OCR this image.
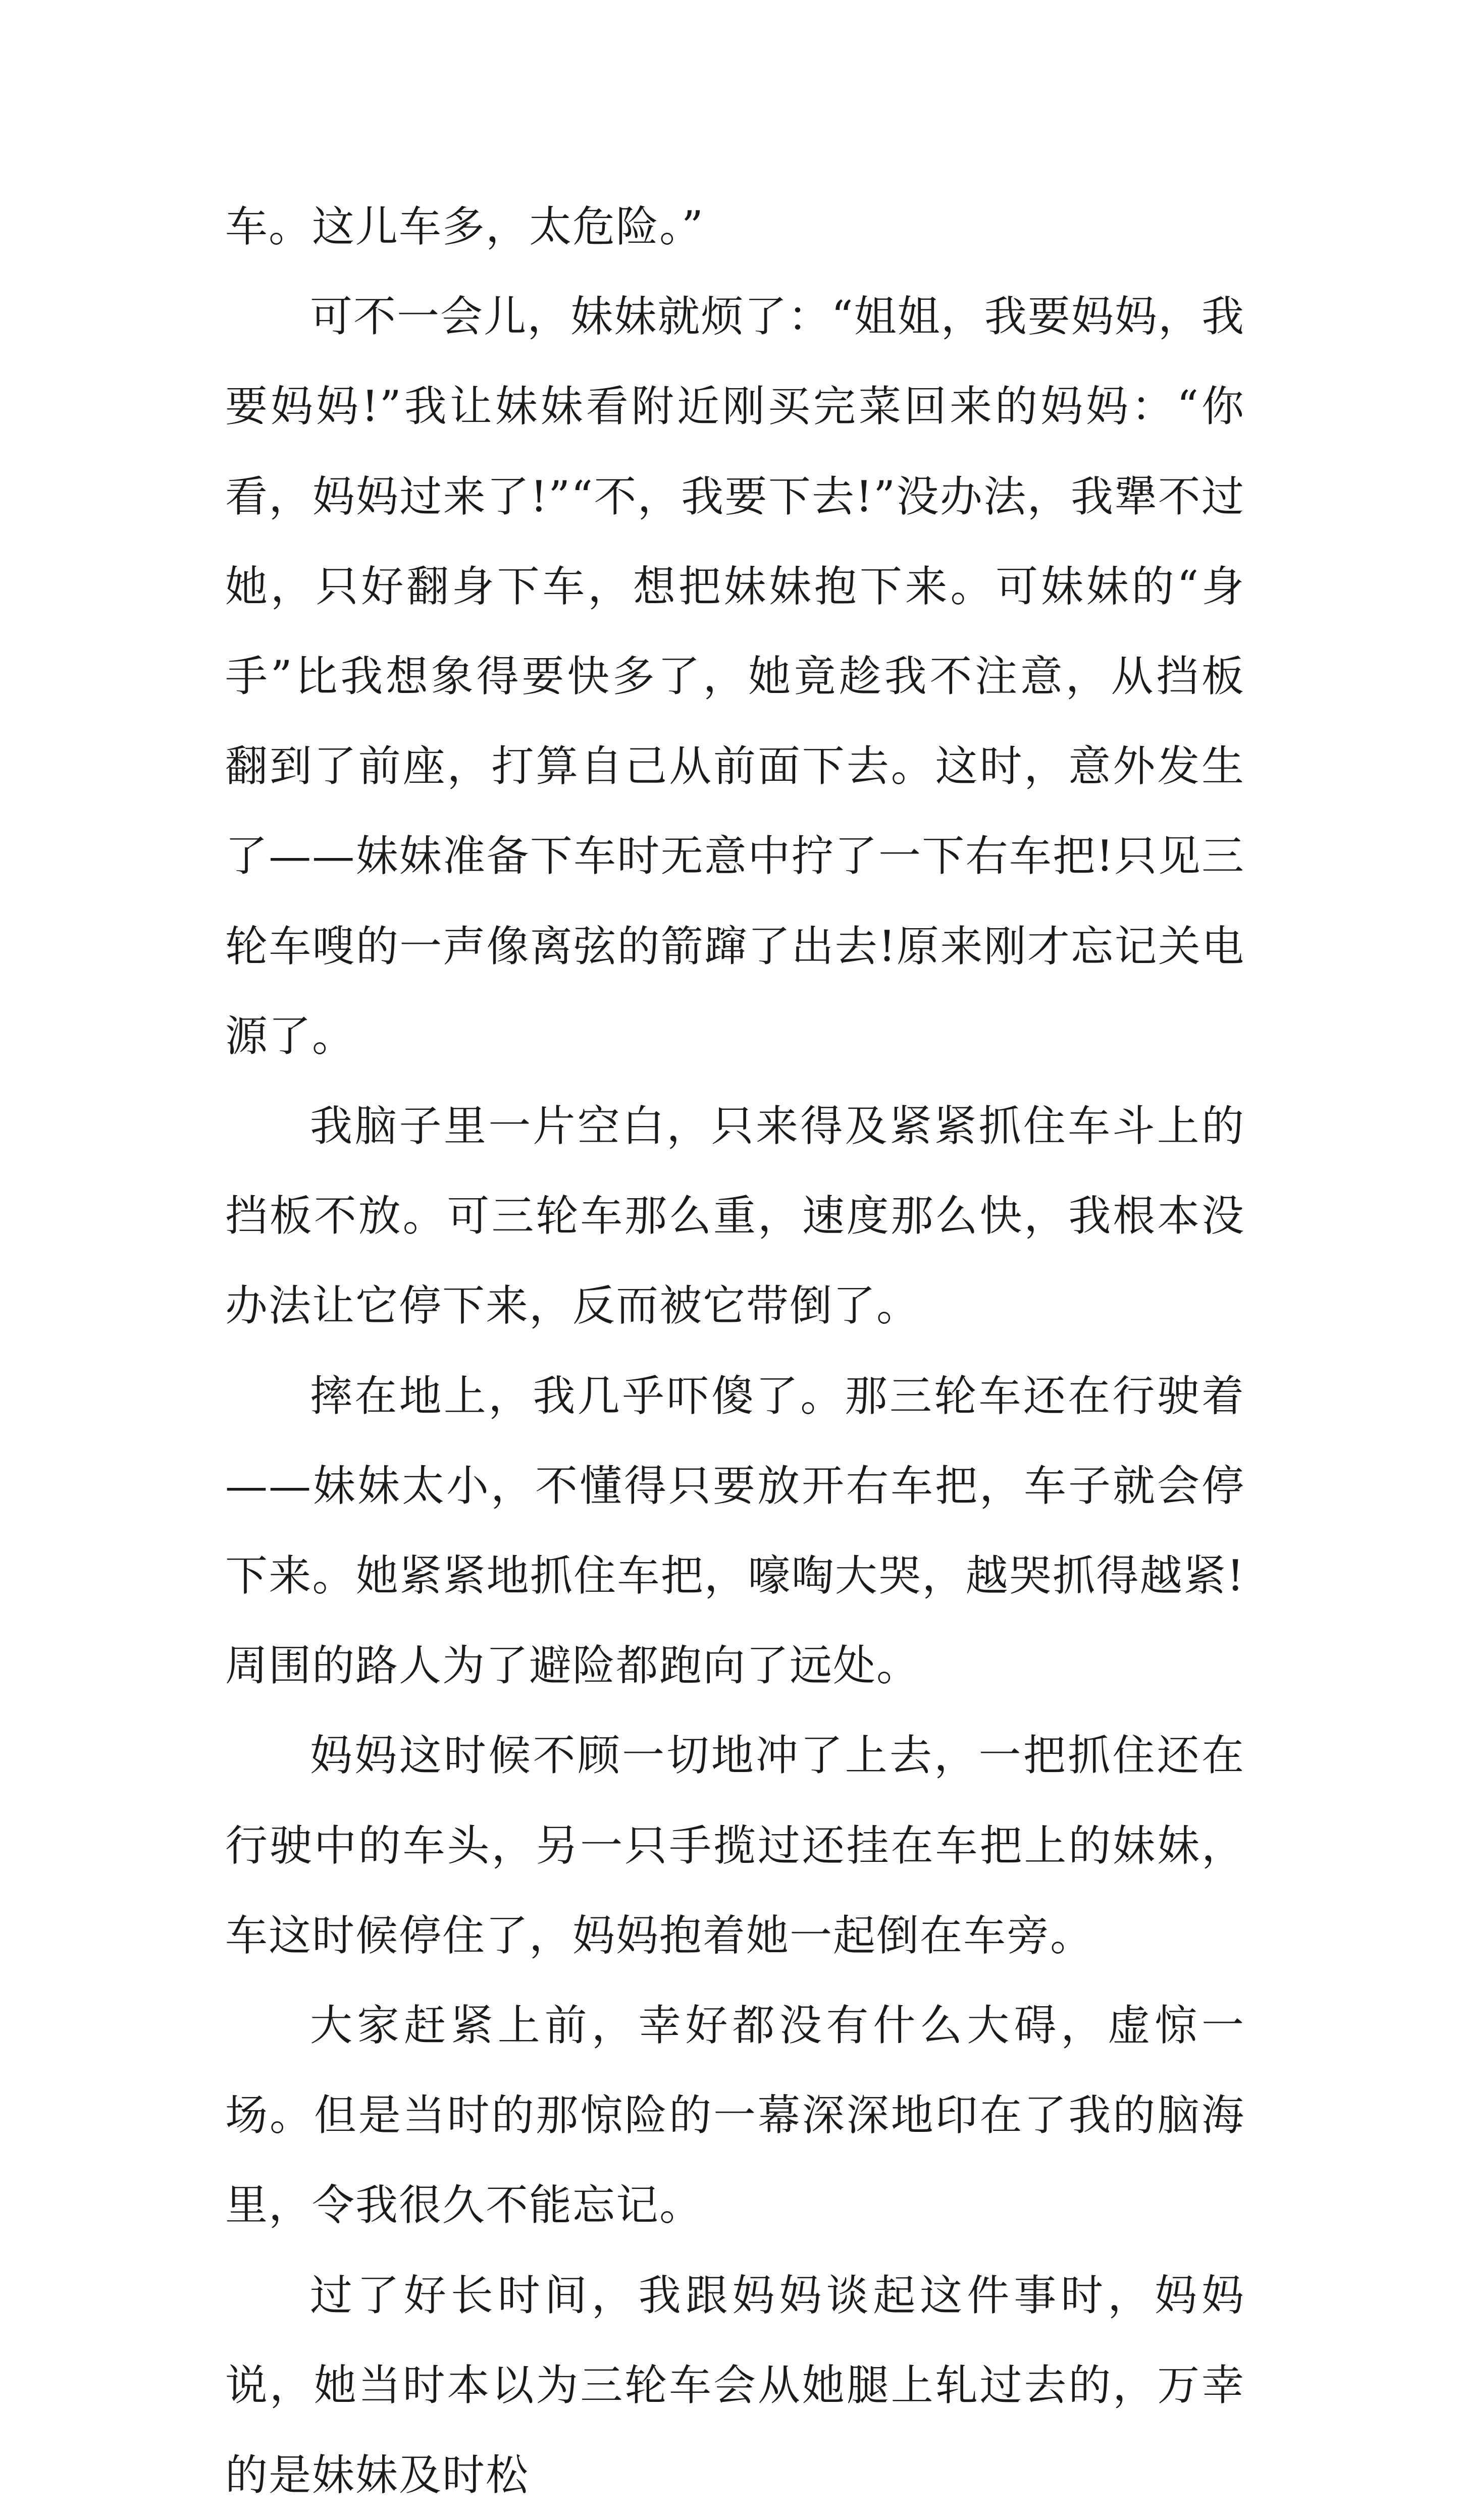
车。这儿车多，太危险。”

可不一会儿，妹妹就烦了：“姐姐，我要妈妈，我要妈妈!”我让妹妹看附近刚买完菜回来的妈妈：“你看，妈妈过来了!”“不，我要下去!”没办法，我犟不过她，只好翻身下车，想把妹妹抱下来。可妹妹的“身手”比我想象得要快多了，她竟趁我不注意，从挡板翻到了前座，打算自己从前面下去。这时，意外发生了——妹妹准备下车时无意中拧了一下右车把!只见三轮车嗖的一声像离弦的箭蹿了出去!原来刚才忘记关电源了。

我脑子里一片空白，只来得及紧紧抓住车斗上的挡板不放。可三轮车那么重，速度那么快，我根本没办法让它停下来，反而被它带倒了。

摔在地上，我几乎吓傻了。那三轮车还在行驶着——妹妹太小，不懂得只要放开右车把，车子就会停下来。她紧紧地抓住车把，嚎啕大哭，越哭抓得越紧!周围的路人为了避险都跑向了远处。

妈妈这时候不顾一切地冲了上去，一把抓住还在行驶中的车头，另一只手揽过还挂在车把上的妹妹，车这时候停住了，妈妈抱着她一起倒在车旁。

大家赶紧上前，幸好都没有什么大碍，虚惊一场。但是当时的那惊险的一幕深深地印在了我的脑海里，令我很久不能忘记。

过了好长时间，我跟妈妈谈起这件事时，妈妈说，她当时本以为三轮车会从她腿上轧过去的，万幸的是妹妹及时松
